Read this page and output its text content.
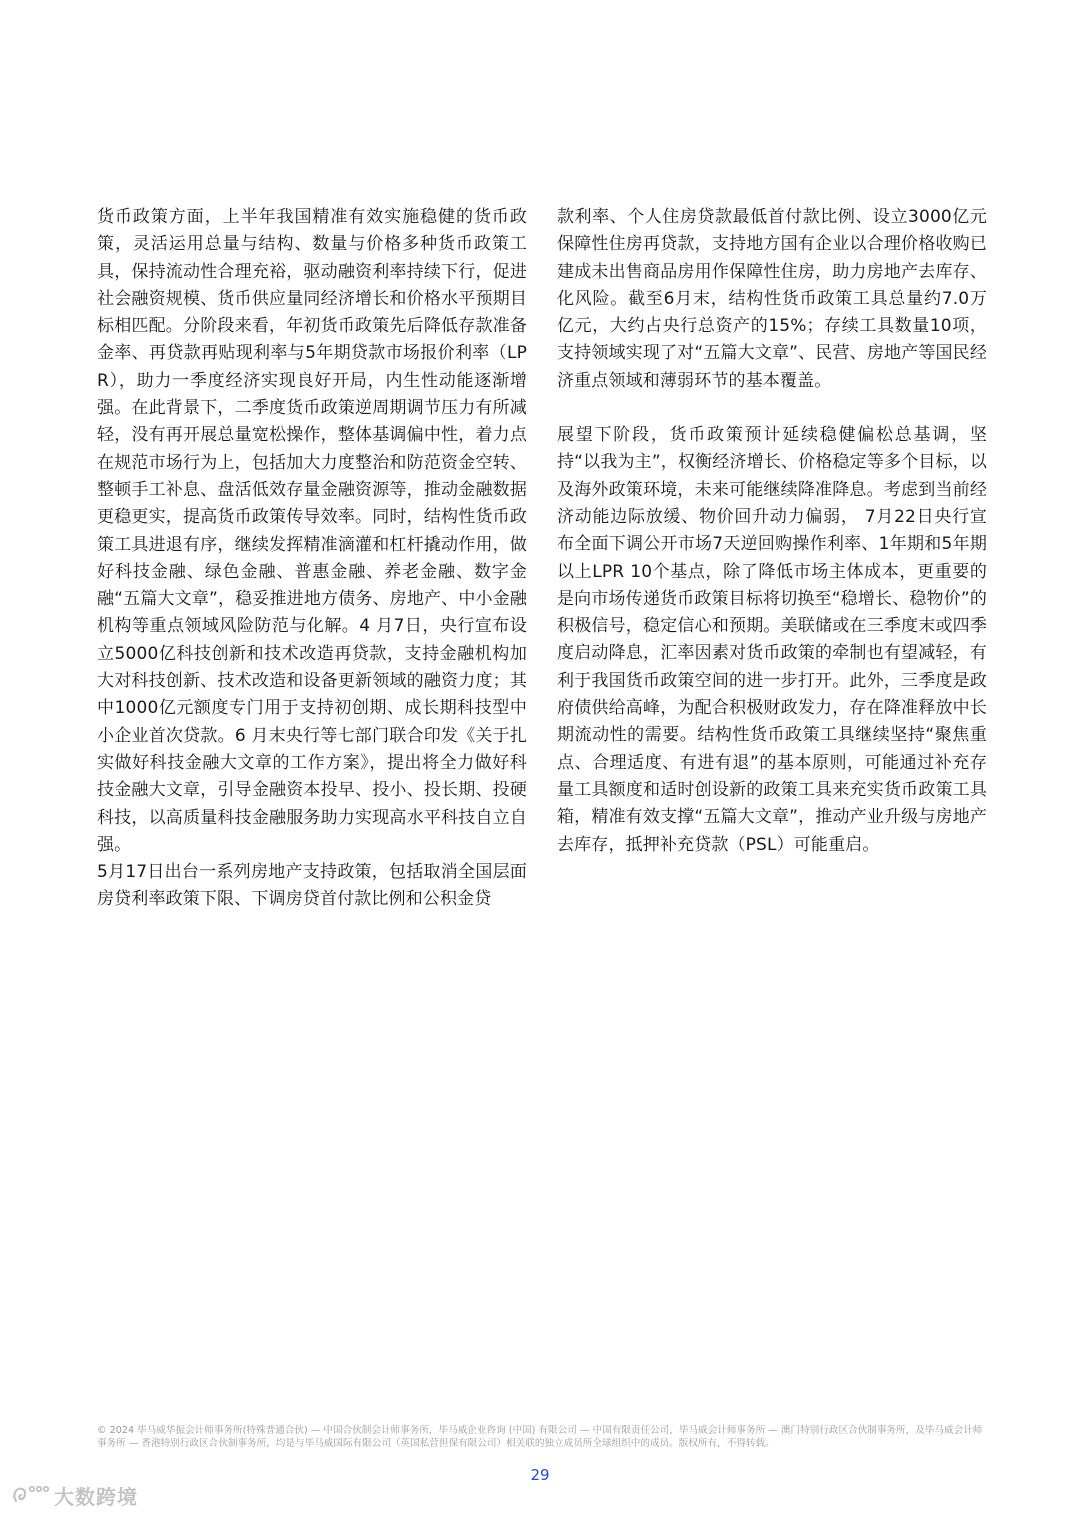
货币政策方面，上半年我国精准有效实施稳健的货币政策，灵活运用总量与结构、数量与价格多种货币政策工具，保持流动性合理充裕，驱动融资利率持续下行，促进社会融资规模、货币供应量同经济增长和价格水平预期目标相匹配。分阶段来看，年初货币政策先后降低存款准备金率、再贷款再贴现利率与5年期贷款市场报价利率（LPR），助力一季度经济实现良好开局，内生性动能逐渐增强。在此背景下，二季度货币政策逆周期调节压力有所减轻，没有再开展总量宽松操作，整体基调偏中性，着力点在规范市场行为上，包括加大力度整治和防范资金空转、整顿手工补息、盘活低效存量金融资源等，推动金融数据更稳更实，提高货币政策传导效率。同时，结构性货币政策工具进退有序，继续发挥精准滴灌和杠杆撬动作用，做好科技金融、绿色金融、普惠金融、养老金融、数字金融“五篇大文章”，稳妥推进地方债务、房地产、中小金融机构等重点领域风险防范与化解。4 月7日，央行宣布设立5000亿科技创新和技术改造再贷款，支持金融机构加大对科技创新、技术改造和设备更新领域的融资力度；其中1000亿元额度专门用于支持初创期、成长期科技型中小企业首次贷款。6 月末央行等七部门联合印发《关于扎实做好科技金融大文章的工作方案》，提出将全力做好科技金融大文章，引导金融资本投早、投小、投长期、投硬科技，以高质量科技金融服务助力实现高水平科技自立自强。

5月17日出台一系列房地产支持政策，包括取消全国层面房贷利率政策下限、下调房贷首付款比例和公积金贷

款利率、个人住房贷款最低首付款比例、设立3000亿元保障性住房再贷款，支持地方国有企业以合理价格收购已建成未出售商品房用作保障性住房，助力房地产去库存、化风险。截至6月末，结构性货币政策工具总量约7.0万亿元，大约占央行总资产的15%；存续工具数量10项，支持领域实现了对“五篇大文章”、民营、房地产等国民经济重点领域和薄弱环节的基本覆盖。

展望下阶段，货币政策预计延续稳健偏松总基调，坚持“以我为主”，权衡经济增长、价格稳定等多个目标，以及海外政策环境，未来可能继续降准降息。考虑到当前经济动能边际放缓、物价回升动力偏弱， 7月22日央行宣布全面下调公开市场7天逆回购操作利率、1年期和5年期以上LPR 10个基点，除了降低市场主体成本，更重要的是向市场传递货币政策目标将切换至“稳增长、稳物价”的积极信号，稳定信心和预期。美联储或在三季度末或四季度启动降息，汇率因素对货币政策的牵制也有望减轻，有利于我国货币政策空间的进一步打开。此外，三季度是政府债供给高峰，为配合积极财政发力，存在降准释放中长期流动性的需要。结构性货币政策工具继续坚持“聚焦重点、合理适度、有进有退”的基本原则，可能通过补充存量工具额度和适时创设新的政策工具来充实货币政策工具箱，精准有效支撑“五篇大文章”，推动产业升级与房地产去库存，抵押补充贷款（PSL）可能重启。

© 2024 毕马威华振会计师事务所(特殊普通合伙) — 中国合伙制会计师事务所，毕马威企业咨询 (中国) 有限公司 — 中国有限责任公司，毕马威会计师事务所 — 澳门特别行政区合伙制事务所，及毕马威会计师事务所 — 香港特别行政区合伙制事务所，均是与毕马威国际有限公司（英国私营担保有限公司）相关联的独立成员所全球组织中的成员。版权所有，不得转载。
29
大数跨境
